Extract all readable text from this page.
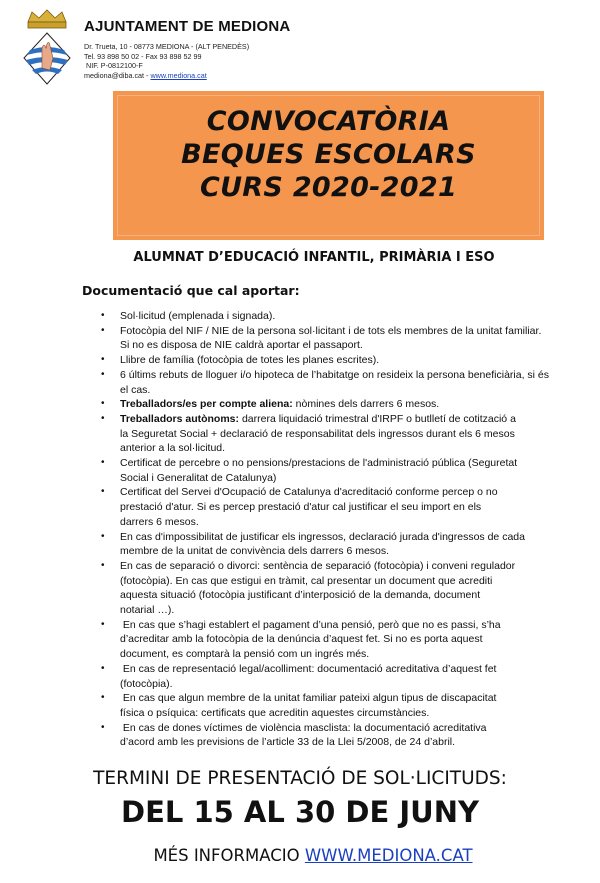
AJUNTAMENT DE MEDIONA
Dr. Trueta, 10 - 08773 MEDIONA - (ALT PENEDÈS)
Tel. 93 898 50 02 - Fax 93 898 52 99
NIF. P-0812100-F
mediona@diba.cat - www.mediona.cat
CONVOCATÒRIA
BEQUES ESCOLARS
CURS 2020-2021
ALUMNAT D’EDUCACIÓ INFANTIL, PRIMÀRIA I ESO
Documentació que cal aportar:
• Sol·licitud (emplenada i signada).
• Fotocòpia del NIF / NIE de la persona sol·licitant i de tots els membres de la unitat familiar.
Si no es disposa de NIE caldrà aportar el passaport.
• Llibre de família (fotocòpia de totes les planes escrites).
• 6 últims rebuts de lloguer i/o hipoteca de l’habitatge on resideix la persona beneficiària, si és
el cas.
• Treballadors/es per compte aliena: nòmines dels darrers 6 mesos.
• Treballadors autònoms: darrera liquidació trimestral d'IRPF o butlletí de cotització a
la Seguretat Social + declaració de responsabilitat dels ingressos durant els 6 mesos
anterior a la sol·licitud.
• Certificat de percebre o no pensions/prestacions de l'administració pública (Seguretat
Social i Generalitat de Catalunya)
• Certificat del Servei d'Ocupació de Catalunya d'acreditació conforme percep o no
prestació d'atur. Si es percep prestació d'atur cal justificar el seu import en els
darrers 6 mesos.
• En cas d'impossibilitat de justificar els ingressos, declaració jurada d'ingressos de cada
membre de la unitat de convivència dels darrers 6 mesos.
• En cas de separació o divorci: sentència de separació (fotocòpia) i conveni regulador
(fotocòpia). En cas que estigui en tràmit, cal presentar un document que acrediti
aquesta situació (fotocòpia justificant d’interposició de la demanda, document
notarial …).
• En cas que s’hagi establert el pagament d’una pensió, però que no es passi, s’ha
d’acreditar amb la fotocòpia de la denúncia d’aquest fet. Si no es porta aquest
document, es comptarà la pensió com un ingrés més.
• En cas de representació legal/acolliment: documentació acreditativa d’aquest fet
(fotocòpia).
• En cas que algun membre de la unitat familiar pateixi algun tipus de discapacitat
física o psíquica: certificats que acreditin aquestes circumstàncies.
• En cas de dones víctimes de violència masclista: la documentació acreditativa
d’acord amb les previsions de l’article 33 de la Llei 5/2008, de 24 d’abril.
TERMINI DE PRESENTACIÓ DE SOL·LICITUDS:
DEL 15 AL 30 DE JUNY
MÉS INFORMACIO WWW.MEDIONA.CAT
